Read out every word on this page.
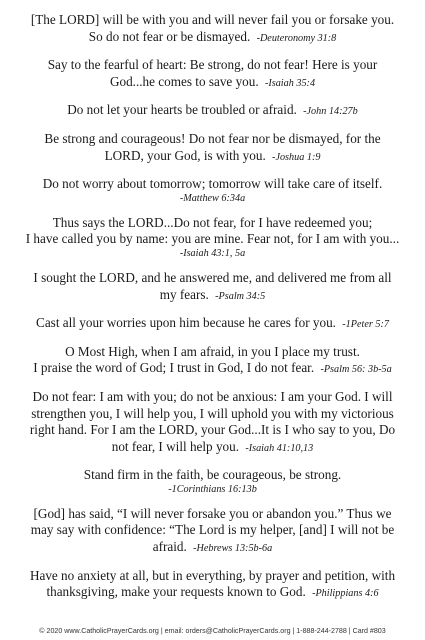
[The LORD] will be with you and will never fail you or forsake you.
So do not fear or be dismayed. -Deuteronomy 31:8

Say to the fearful of heart: Be strong, do not fear! Here is your
God...he comes to save you. -Isaiah 35:4

Do not let your hearts be troubled or afraid. -John 14:27b

Be strong and courageous! Do not fear nor be dismayed, for the
LORD, your God, is with you. -Joshua 1:9

Do not worry about tomorrow; tomorrow will take care of itself.
-Matthew 6:34a

Thus says the LORD...Do not fear, for I have redeemed you;
I have called you by name: you are mine. Fear not, for I am with you...
-Isaiah 43:1, 5a

I sought the LORD, and he answered me, and delivered me from all
my fears. -Psalm 34:5

Cast all your worries upon him because he cares for you. -1Peter 5:7

O Most High, when I am afraid, in you I place my trust.
I praise the word of God; I trust in God, I do not fear. -Psalm 56: 3b-5a

Do not fear: I am with you; do not be anxious: I am your God. I will
strengthen you, I will help you, I will uphold you with my victorious
right hand. For I am the LORD, your God...It is I who say to you, Do
not fear, I will help you. -Isaiah 41:10,13

Stand firm in the faith, be courageous, be strong.
-1Corinthians 16:13b

[God] has said, “I will never forsake you or abandon you.” Thus we
may say with confidence: “The Lord is my helper, [and] I will not be
afraid. -Hebrews 13:5b-6a

Have no anxiety at all, but in everything, by prayer and petition, with
thanksgiving, make your requests known to God. -Philippians 4:6

© 2020 www.CatholicPrayerCards.org | email: orders@CatholicPrayerCards.org | 1-888-244-2788 | Card #803
